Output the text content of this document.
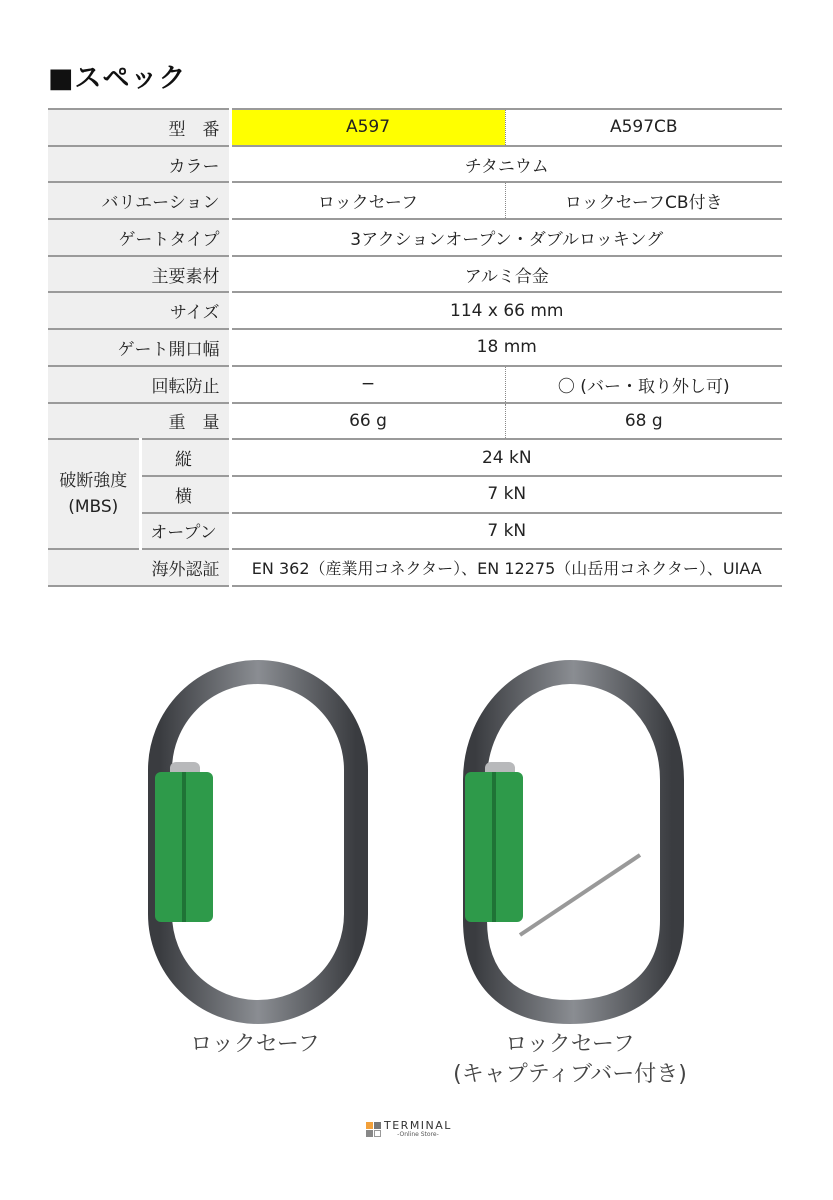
■スペック
型　番		A597	A597CB
カラー		チタニウム	
バリエーション		ロックセーフ	ロックセーフCB付き
ゲートタイプ		3アクションオープン・ダブルロッキング	
主要素材		アルミ合金	
サイズ		114 x 66 mm	
ゲート開口幅		18 mm	
回転防止		−	〇 (バー・取り外し可)
重　量		66 g	68 g
破断強度
(MBS)	縦	24 kN	
	横	7 kN	
	オープン	7 kN	
海外認証		EN 362（産業用コネクター）、EN 12275（山岳用コネクター）、UIAA	
ロックセーフ	ロックセーフ
(キャプティブバー付き)
TERMINAL
-Online Store-
